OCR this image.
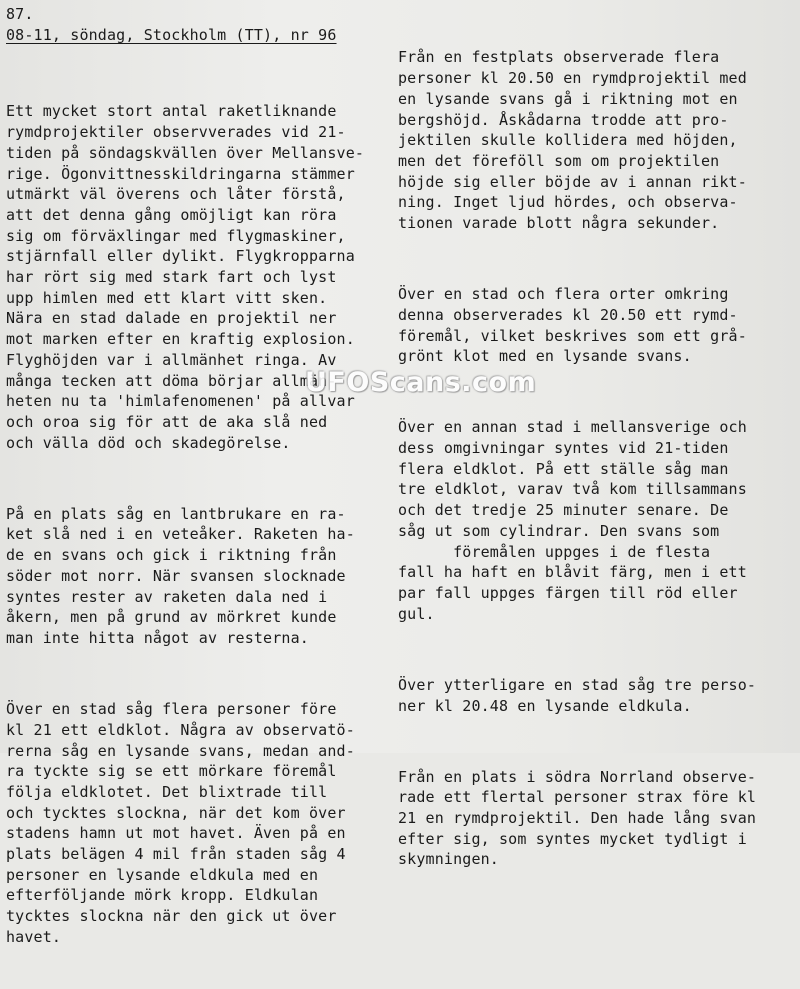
87.
08-11, söndag, Stockholm (TT), nr 96

Ett mycket stort antal raketliknande
rymdprojektiler observverades vid 21-
tiden på söndagskvällen över Mellansve-
rige. Ögonvittnesskildringarna stämmer
utmärkt väl överens och låter förstå,
att det denna gång omöjligt kan röra
sig om förväxlingar med flygmaskiner,
stjärnfall eller dylikt. Flygkropparna
har rört sig med stark fart och lyst
upp himlen med ett klart vitt sken.
Nära en stad dalade en projektil ner
mot marken efter en kraftig explosion.
Flyghöjden var i allmänhet ringa. Av
många tecken att döma börjar allmän-
heten nu ta 'himlafenomenen' på allvar
och oroa sig för att de aka slå ned
och välla död och skadegörelse.

På en plats såg en lantbrukare en ra-
ket slå ned i en veteåker. Raketen ha-
de en svans och gick i riktning från
söder mot norr. När svansen slocknade
syntes rester av raketen dala ned i
åkern, men på grund av mörkret kunde
man inte hitta något av resterna.

Över en stad såg flera personer före
kl 21 ett eldklot. Några av observatö-
rerna såg en lysande svans, medan and-
ra tyckte sig se ett mörkare föremål
följa eldklotet. Det blixtrade till
och tycktes slockna, när det kom över
stadens hamn ut mot havet. Även på en
plats belägen 4 mil från staden såg 4
personer en lysande eldkula med en
efterföljande mörk kropp. Eldkulan
tycktes slockna när den gick ut över
havet.

Från en festplats observerade flera
personer kl 20.50 en rymdprojektil med
en lysande svans gå i riktning mot en
bergshöjd. Åskådarna trodde att pro-
jektilen skulle kollidera med höjden,
men det föreföll som om projektilen
höjde sig eller böjde av i annan rikt-
ning. Inget ljud hördes, och observa-
tionen varade blott några sekunder.

Över en stad och flera orter omkring
denna observerades kl 20.50 ett rymd-
föremål, vilket beskrives som ett grå-
grönt klot med en lysande svans.

Över en annan stad i mellansverige och
dess omgivningar syntes vid 21-tiden
flera eldklot. På ett ställe såg man
tre eldklot, varav två kom tillsammans
och det tredje 25 minuter senare. De
såg ut som cylindrar. Den svans som
föremålen uppges i de flesta
fall ha haft en blåvit färg, men i ett
par fall uppges färgen till röd eller
gul.

Över ytterligare en stad såg tre perso-
ner kl 20.48 en lysande eldkula.

Från en plats i södra Norrland observe-
rade ett flertal personer strax före kl
21 en rymdprojektil. Den hade lång svan
efter sig, som syntes mycket tydligt i
skymningen.

UFOScans.com
